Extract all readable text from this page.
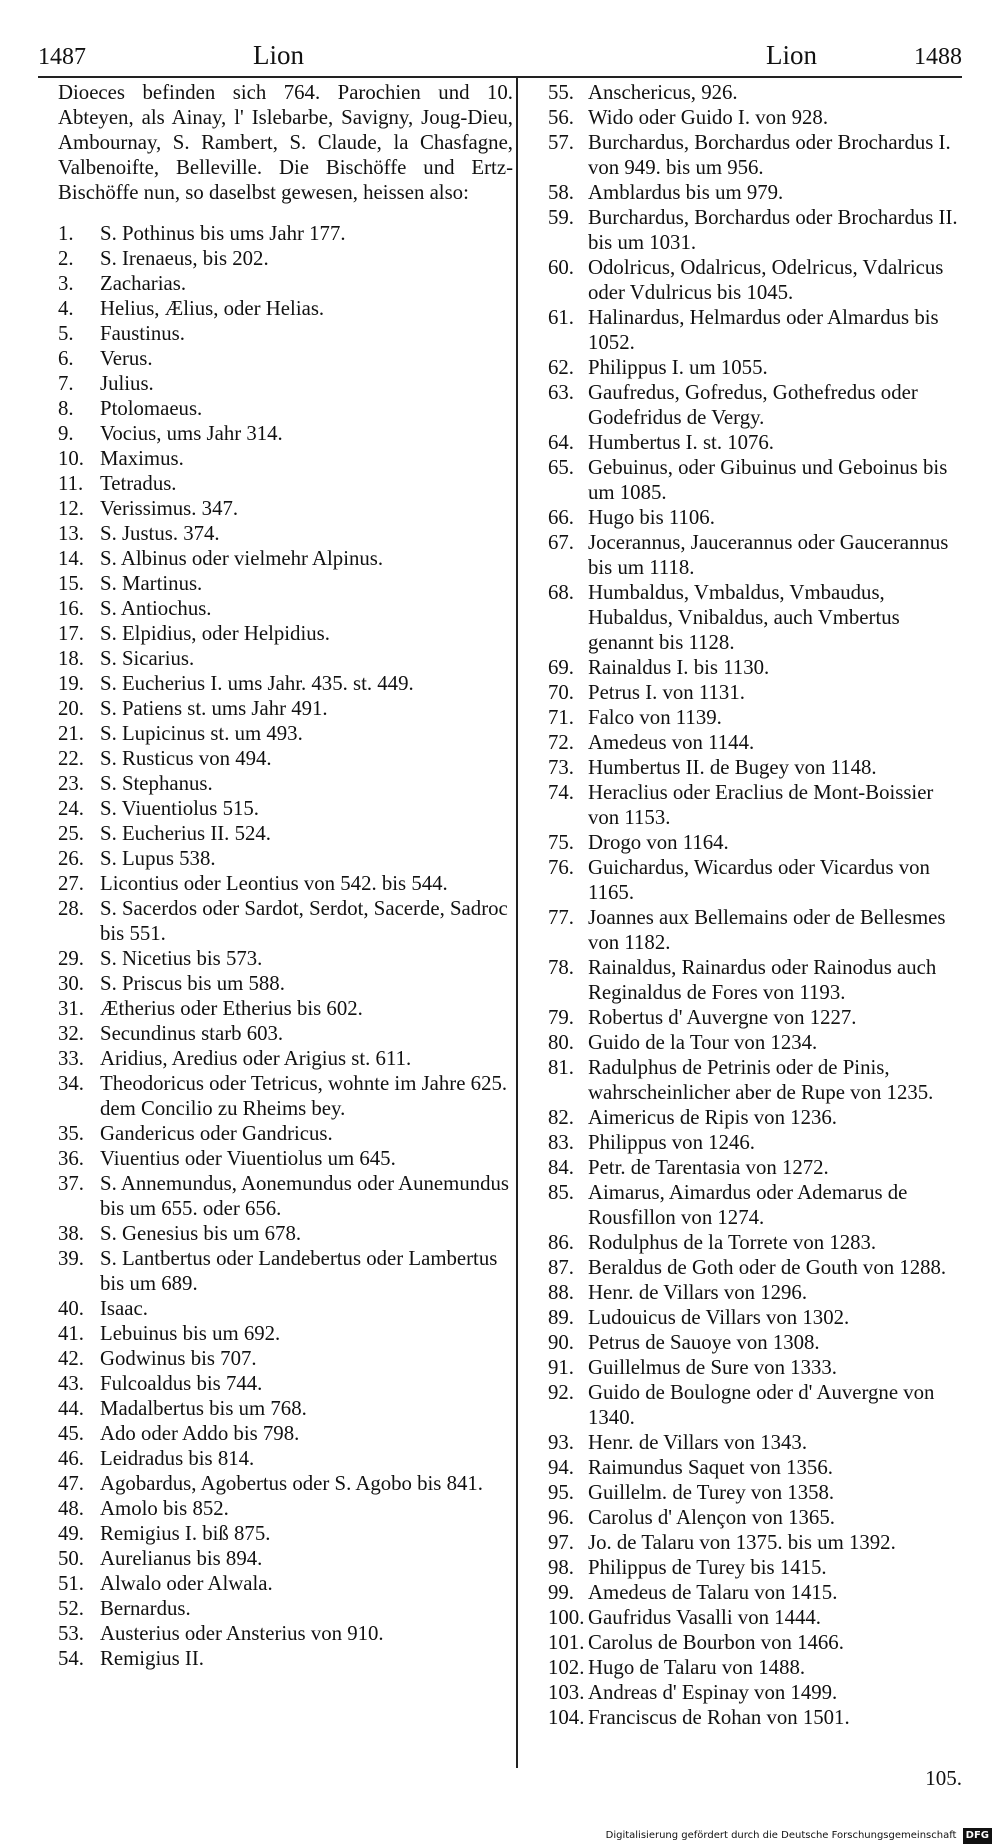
1487	Lion	Lion	1488

Dioeces befinden sich 764. Parochien und 10. Abteyen, als Ainay, l' Islebarbe, Savigny, Joug-Dieu, Ambournay, S. Rambert, S. Claude, la Chasfagne, Valbenoifte, Belleville. Die Bischöffe und Ertz-Bischöffe nun, so daselbst gewesen, heissen also:

1.	S. Pothinus bis ums Jahr 177.
2.	S. Irenaeus, bis 202.
3.	Zacharias.
4.	Helius, Ælius, oder Helias.
5.	Faustinus.
6.	Verus.
7.	Julius.
8.	Ptolomaeus.
9.	Vocius, ums Jahr 314.
10. Maximus.
11. Tetradus.
12. Verissimus. 347.
13. S. Justus. 374.
14. S. Albinus oder vielmehr Alpinus.
15. S. Martinus.
16. S. Antiochus.
17. S. Elpidius, oder Helpidius.
18. S. Sicarius.
19. S. Eucherius I. ums Jahr. 435. st. 449.
20. S. Patiens st. ums Jahr 491.
21. S. Lupicinus st. um 493.
22. S. Rusticus von 494.
23. S. Stephanus.
24. S. Viuentiolus 515.
25. S. Eucherius II. 524.
26. S. Lupus 538.
27. Licontius oder Leontius von 542. bis 544.
28. S. Sacerdos oder Sardot, Serdot, Sacerde, Sadroc bis 551.
29. S. Nicetius bis 573.
30. S. Priscus bis um 588.
31. Ætherius oder Etherius bis 602.
32. Secundinus starb 603.
33. Aridius, Aredius oder Arigius st. 611.
34. Theodoricus oder Tetricus, wohnte im Jahre 625. dem Concilio zu Rheims bey.
35. Gandericus oder Gandricus.
36. Viuentius oder Viuentiolus um 645.
37. S. Annemundus, Aonemundus oder Aunemundus bis um 655. oder 656.
38. S. Genesius bis um 678.
39. S. Lantbertus oder Landebertus oder Lambertus bis um 689.
40. Isaac.
41. Lebuinus bis um 692.
42. Godwinus bis 707.
43. Fulcoaldus bis 744.
44. Madalbertus bis um 768.
45. Ado oder Addo bis 798.
46. Leidradus bis 814.
47. Agobardus, Agobertus oder S. Agobo bis 841.
48. Amolo bis 852.
49. Remigius I. biß 875.
50. Aurelianus bis 894.
51. Alwalo oder Alwala.
52. Bernardus.
53. Austerius oder Ansterius von 910.
54. Remigius II.
55. Anschericus, 926.
56. Wido oder Guido I. von 928.
57. Burchardus, Borchardus oder Brochardus I. von 949. bis um 956.
58. Amblardus bis um 979.
59. Burchardus, Borchardus oder Brochardus II. bis um 1031.
60. Odolricus, Odalricus, Odelricus, Vdalricus oder Vdulricus bis 1045.
61. Halinardus, Helmardus oder Almardus bis 1052.
62. Philippus I. um 1055.
63. Gaufredus, Gofredus, Gothefredus oder Godefridus de Vergy.
64. Humbertus I. st. 1076.
65. Gebuinus, oder Gibuinus und Geboinus bis um 1085.
66. Hugo bis 1106.
67. Jocerannus, Jaucerannus oder Gaucerannus bis um 1118.
68. Humbaldus, Vmbaldus, Vmbaudus, Hubaldus, Vnibaldus, auch Vmbertus genannt bis 1128.
69. Rainaldus I. bis 1130.
70. Petrus I. von 1131.
71. Falco von 1139.
72. Amedeus von 1144.
73. Humbertus II. de Bugey von 1148.
74. Heraclius oder Eraclius de Mont-Boissier von 1153.
75. Drogo von 1164.
76. Guichardus, Wicardus oder Vicardus von 1165.
77. Joannes aux Bellemains oder de Bellesmes von 1182.
78. Rainaldus, Rainardus oder Rainodus auch Reginaldus de Fores von 1193.
79. Robertus d' Auvergne von 1227.
80. Guido de la Tour von 1234.
81. Radulphus de Petrinis oder de Pinis, wahrscheinlicher aber de Rupe von 1235.
82. Aimericus de Ripis von 1236.
83. Philippus von 1246.
84. Petr. de Tarentasia von 1272.
85. Aimarus, Aimardus oder Ademarus de Rousfillon von 1274.
86. Rodulphus de la Torrete von 1283.
87. Beraldus de Goth oder de Gouth von 1288.
88. Henr. de Villars von 1296.
89. Ludouicus de Villars von 1302.
90. Petrus de Sauoye von 1308.
91. Guillelmus de Sure von 1333.
92. Guido de Boulogne oder d' Auvergne von 1340.
93. Henr. de Villars von 1343.
94. Raimundus Saquet von 1356.
95. Guillelm. de Turey von 1358.
96. Carolus d' Alençon von 1365.
97. Jo. de Talaru von 1375. bis um 1392.
98. Philippus de Turey bis 1415.
99. Amedeus de Talaru von 1415.
100. Gaufridus Vasalli von 1444.
101. Carolus de Bourbon von 1466.
102. Hugo de Talaru von 1488.
103. Andreas d' Espinay von 1499.
104. Franciscus de Rohan von 1501.
105.
Digitalisierung gefördert durch die Deutsche Forschungsgemeinschaft DFG
